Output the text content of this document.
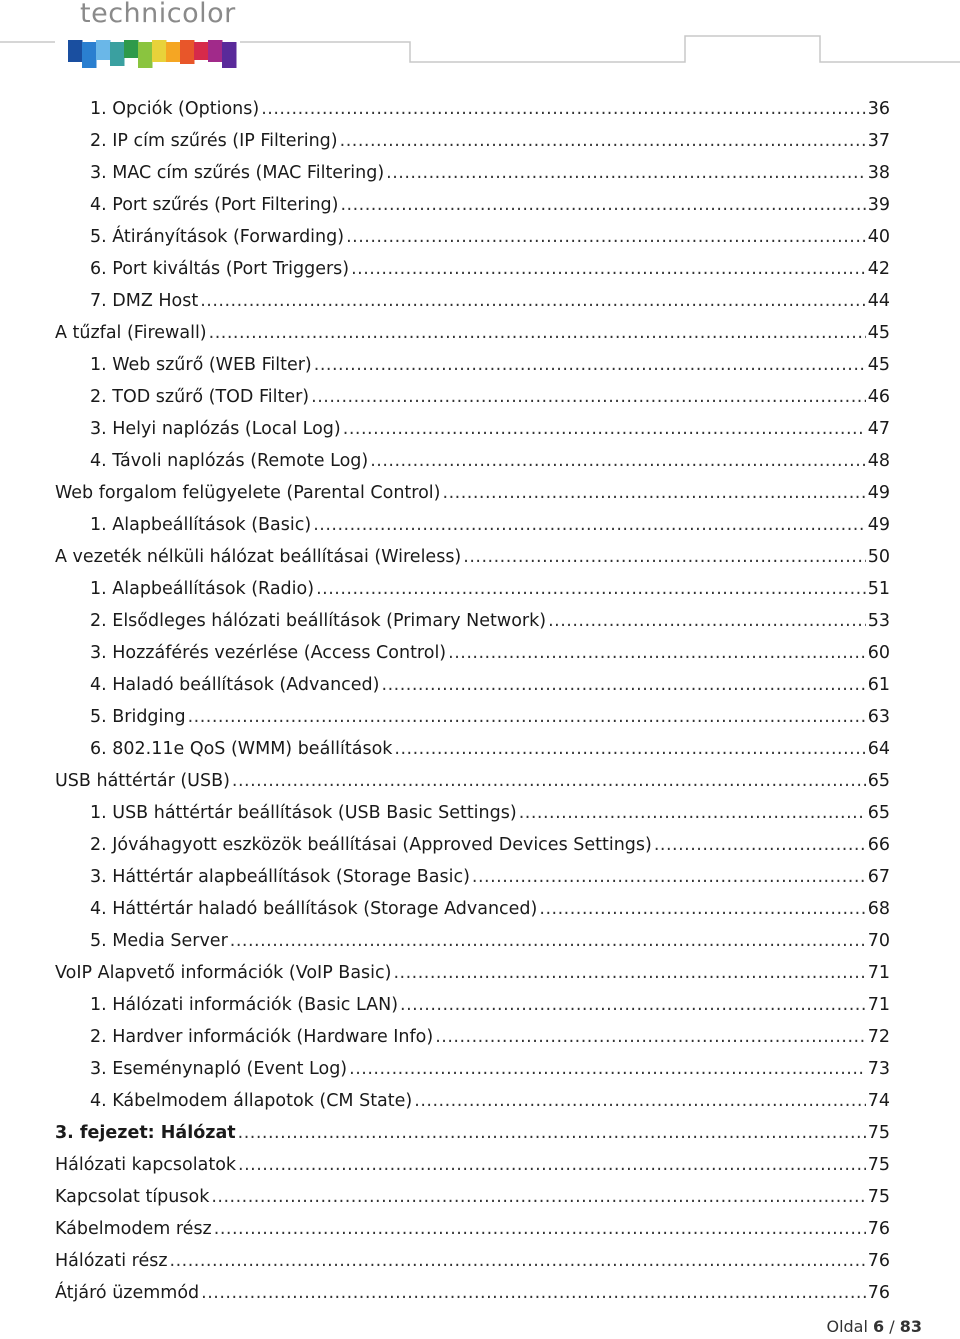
technicolor
1. Opciók (Options) .....	36
2. IP cím szűrés (IP Filtering) .....	37
3. MAC cím szűrés (MAC Filtering) .....	38
4. Port szűrés (Port Filtering) .....	39
5. Átirányítások (Forwarding) .....	40
6. Port kiváltás (Port Triggers) .....	42
7. DMZ Host .....	44
A tűzfal (Firewall) .....	45
1. Web szűrő (WEB Filter) .....	45
2. TOD szűrő (TOD Filter) .....	46
3. Helyi naplózás (Local Log) .....	47
4. Távoli naplózás (Remote Log) .....	48
Web forgalom felügyelete (Parental Control) .....	49
1. Alapbeállítások (Basic) .....	49
A vezeték nélküli hálózat beállításai (Wireless) .....	50
1. Alapbeállítások (Radio) .....	51
2. Elsődleges hálózati beállítások (Primary Network) .....	53
3. Hozzáférés vezérlése (Access Control) .....	60
4. Haladó beállítások (Advanced) .....	61
5. Bridging .....	63
6. 802.11e QoS (WMM) beállítások .....	64
USB háttértár (USB) .....	65
1. USB háttértár beállítások (USB Basic Settings) .....	65
2. Jóváhagyott eszközök beállításai (Approved Devices Settings) .....	66
3. Háttértár alapbeállítások (Storage Basic) .....	67
4. Háttértár haladó beállítások (Storage Advanced) .....	68
5. Media Server .....	70
VoIP Alapvető információk (VoIP Basic) .....	71
1. Hálózati információk (Basic LAN) .....	71
2. Hardver információk (Hardware Info) .....	72
3. Eseménynapló (Event Log) .....	73
4. Kábelmodem állapotok (CM State) .....	74
3. fejezet: Hálózat .....	75
Hálózati kapcsolatok .....	75
Kapcsolat típusok .....	75
Kábelmodem rész .....	76
Hálózati rész .....	76
Átjáró üzemmód .....	76
Oldal 6 / 83
